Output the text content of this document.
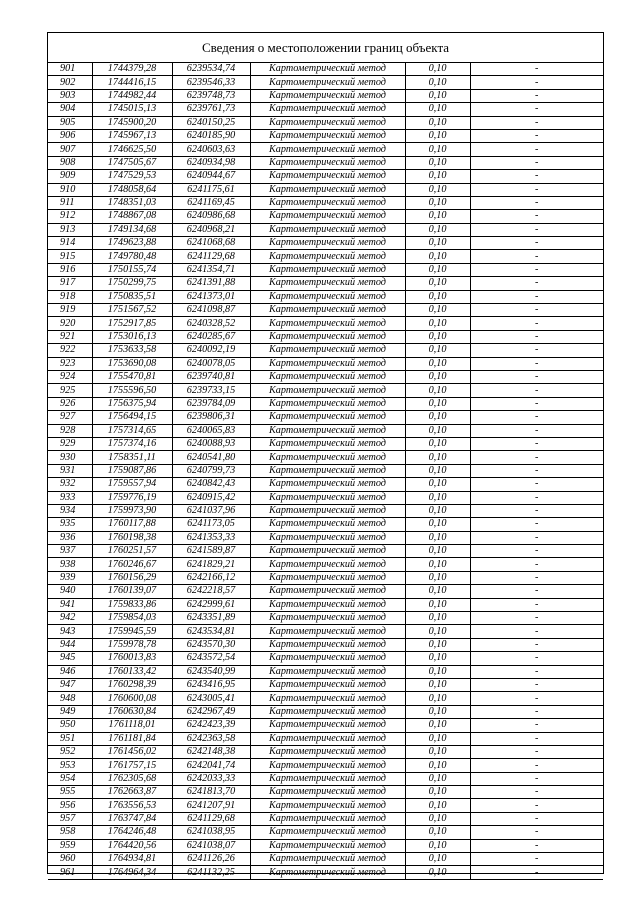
Сведения о местоположении границ объекта
901	1744379,28	6239534,74	Картометрический метод	0,10	-
902	1744416,15	6239546,33	Картометрический метод	0,10	-
903	1744982,44	6239748,73	Картометрический метод	0,10	-
904	1745015,13	6239761,73	Картометрический метод	0,10	-
905	1745900,20	6240150,25	Картометрический метод	0,10	-
906	1745967,13	6240185,90	Картометрический метод	0,10	-
907	1746625,50	6240603,63	Картометрический метод	0,10	-
908	1747505,67	6240934,98	Картометрический метод	0,10	-
909	1747529,53	6240944,67	Картометрический метод	0,10	-
910	1748058,64	6241175,61	Картометрический метод	0,10	-
911	1748351,03	6241169,45	Картометрический метод	0,10	-
912	1748867,08	6240986,68	Картометрический метод	0,10	-
913	1749134,68	6240968,21	Картометрический метод	0,10	-
914	1749623,88	6241068,68	Картометрический метод	0,10	-
915	1749780,48	6241129,68	Картометрический метод	0,10	-
916	1750155,74	6241354,71	Картометрический метод	0,10	-
917	1750299,75	6241391,88	Картометрический метод	0,10	-
918	1750835,51	6241373,01	Картометрический метод	0,10	-
919	1751567,52	6241098,87	Картометрический метод	0,10	-
920	1752917,85	6240328,52	Картометрический метод	0,10	-
921	1753016,13	6240285,67	Картометрический метод	0,10	-
922	1753633,58	6240092,19	Картометрический метод	0,10	-
923	1753690,08	6240078,05	Картометрический метод	0,10	-
924	1755470,81	6239740,81	Картометрический метод	0,10	-
925	1755596,50	6239733,15	Картометрический метод	0,10	-
926	1756375,94	6239784,09	Картометрический метод	0,10	-
927	1756494,15	6239806,31	Картометрический метод	0,10	-
928	1757314,65	6240065,83	Картометрический метод	0,10	-
929	1757374,16	6240088,93	Картометрический метод	0,10	-
930	1758351,11	6240541,80	Картометрический метод	0,10	-
931	1759087,86	6240799,73	Картометрический метод	0,10	-
932	1759557,94	6240842,43	Картометрический метод	0,10	-
933	1759776,19	6240915,42	Картометрический метод	0,10	-
934	1759973,90	6241037,96	Картометрический метод	0,10	-
935	1760117,88	6241173,05	Картометрический метод	0,10	-
936	1760198,38	6241353,33	Картометрический метод	0,10	-
937	1760251,57	6241589,87	Картометрический метод	0,10	-
938	1760246,67	6241829,21	Картометрический метод	0,10	-
939	1760156,29	6242166,12	Картометрический метод	0,10	-
940	1760139,07	6242218,57	Картометрический метод	0,10	-
941	1759833,86	6242999,61	Картометрический метод	0,10	-
942	1759854,03	6243351,89	Картометрический метод	0,10	-
943	1759945,59	6243534,81	Картометрический метод	0,10	-
944	1759978,78	6243570,30	Картометрический метод	0,10	-
945	1760013,83	6243572,54	Картометрический метод	0,10	-
946	1760133,42	6243540,99	Картометрический метод	0,10	-
947	1760298,39	6243416,95	Картометрический метод	0,10	-
948	1760600,08	6243005,41	Картометрический метод	0,10	-
949	1760630,84	6242967,49	Картометрический метод	0,10	-
950	1761118,01	6242423,39	Картометрический метод	0,10	-
951	1761181,84	6242363,58	Картометрический метод	0,10	-
952	1761456,02	6242148,38	Картометрический метод	0,10	-
953	1761757,15	6242041,74	Картометрический метод	0,10	-
954	1762305,68	6242033,33	Картометрический метод	0,10	-
955	1762663,87	6241813,70	Картометрический метод	0,10	-
956	1763556,53	6241207,91	Картометрический метод	0,10	-
957	1763747,84	6241129,68	Картометрический метод	0,10	-
958	1764246,48	6241038,95	Картометрический метод	0,10	-
959	1764420,56	6241038,07	Картометрический метод	0,10	-
960	1764934,81	6241126,26	Картометрический метод	0,10	-
961	1764964,34	6241132,25	Картометрический метод	0,10	-
